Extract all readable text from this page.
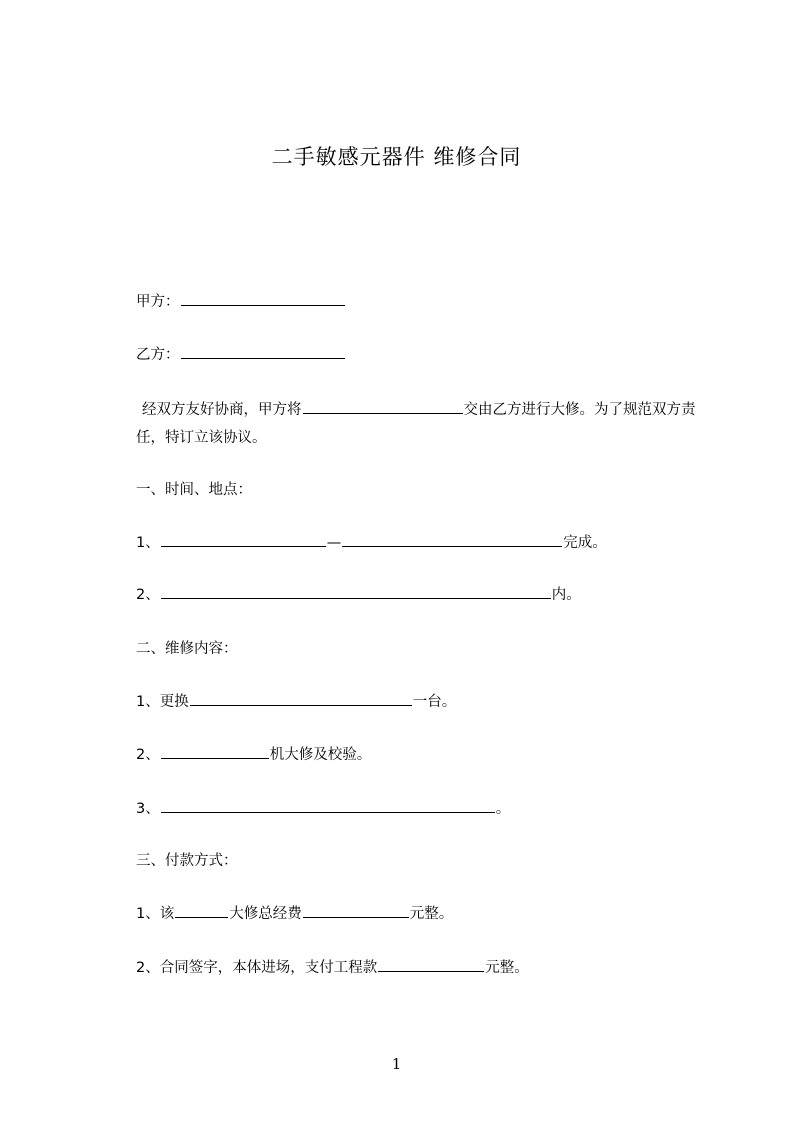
二手敏感元器件 维修合同
甲方：
乙方：
经双方友好协商，甲方将	交由乙方进行大修。为了规范双方责任，特订立该协议。
一、时间、地点：
1、	—	完成。
2、	内。
二、维修内容：
1、更换	一台。
2、	机大修及校验。
3、	。
三、付款方式：
1、该	大修总经费	元整。
2、合同签字，本体进场，支付工程款	元整。
1
